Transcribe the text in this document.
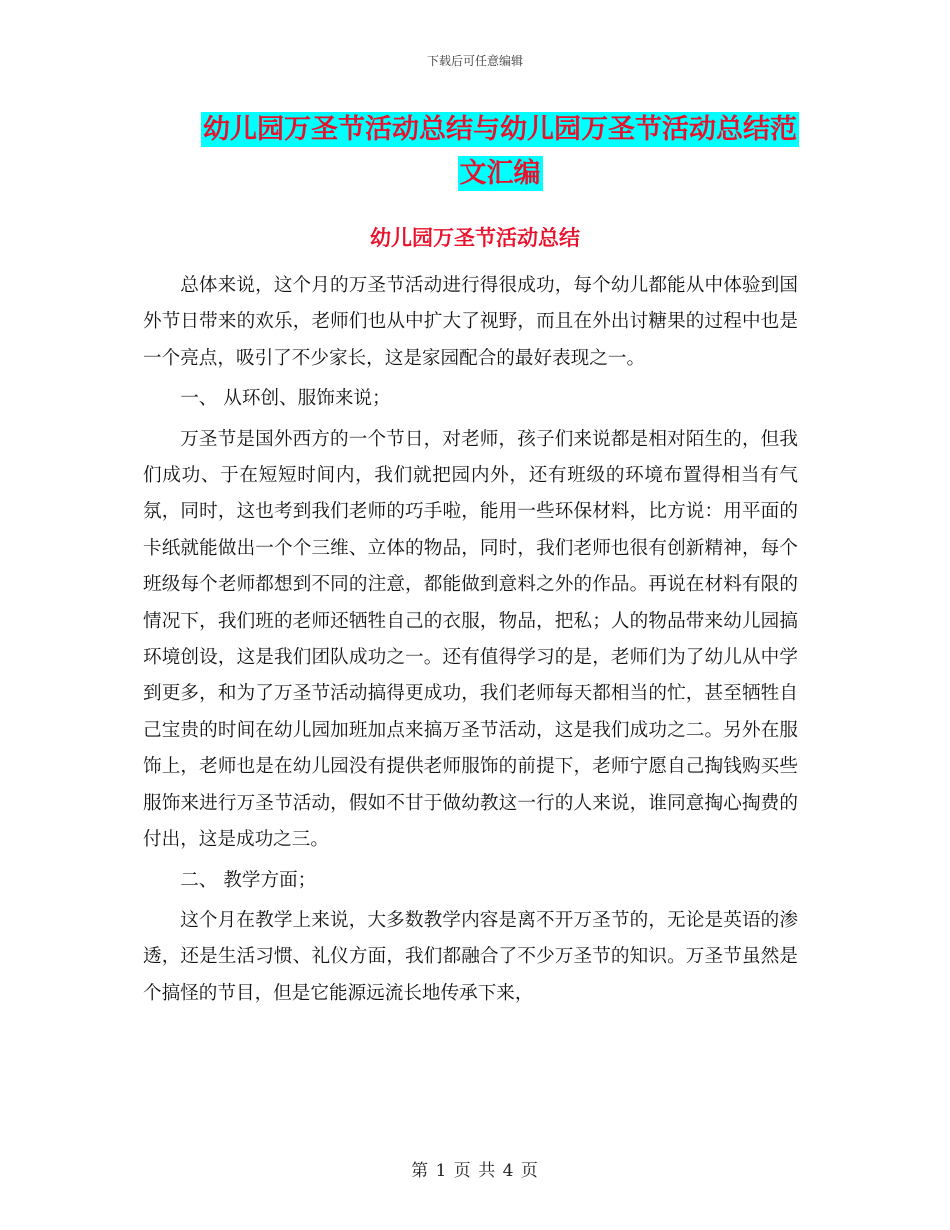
下载后可任意编辑
幼儿园万圣节活动总结与幼儿园万圣节活动总结范文汇编
幼儿园万圣节活动总结

总体来说，这个月的万圣节活动进行得很成功，每个幼儿都能从中体验到国外节日带来的欢乐，老师们也从中扩大了视野，而且在外出讨糖果的过程中也是一个亮点，吸引了不少家长，这是家园配合的最好表现之一。

一、 从环创、服饰来说；

万圣节是国外西方的一个节日，对老师，孩子们来说都是相对陌生的，但我们成功、于在短短时间内，我们就把园内外，还有班级的环境布置得相当有气氛，同时，这也考到我们老师的巧手啦，能用一些环保材料，比方说：用平面的卡纸就能做出一个个三维、立体的物品，同时，我们老师也很有创新精神，每个班级每个老师都想到不同的注意，都能做到意料之外的作品。再说在材料有限的情况下，我们班的老师还牺牲自己的衣服，物品，把私；人的物品带来幼儿园搞环境创设，这是我们团队成功之一。还有值得学习的是，老师们为了幼儿从中学到更多，和为了万圣节活动搞得更成功，我们老师每天都相当的忙，甚至牺牲自己宝贵的时间在幼儿园加班加点来搞万圣节活动，这是我们成功之二。另外在服饰上，老师也是在幼儿园没有提供老师服饰的前提下，老师宁愿自己掏钱购买些服饰来进行万圣节活动，假如不甘于做幼教这一行的人来说，谁同意掏心掏费的付出，这是成功之三。

二、 教学方面；

这个月在教学上来说，大多数教学内容是离不开万圣节的，无论是英语的渗透，还是生活习惯、礼仪方面，我们都融合了不少万圣节的知识。万圣节虽然是个搞怪的节目，但是它能源远流长地传承下来，

第 1 页 共 4 页
